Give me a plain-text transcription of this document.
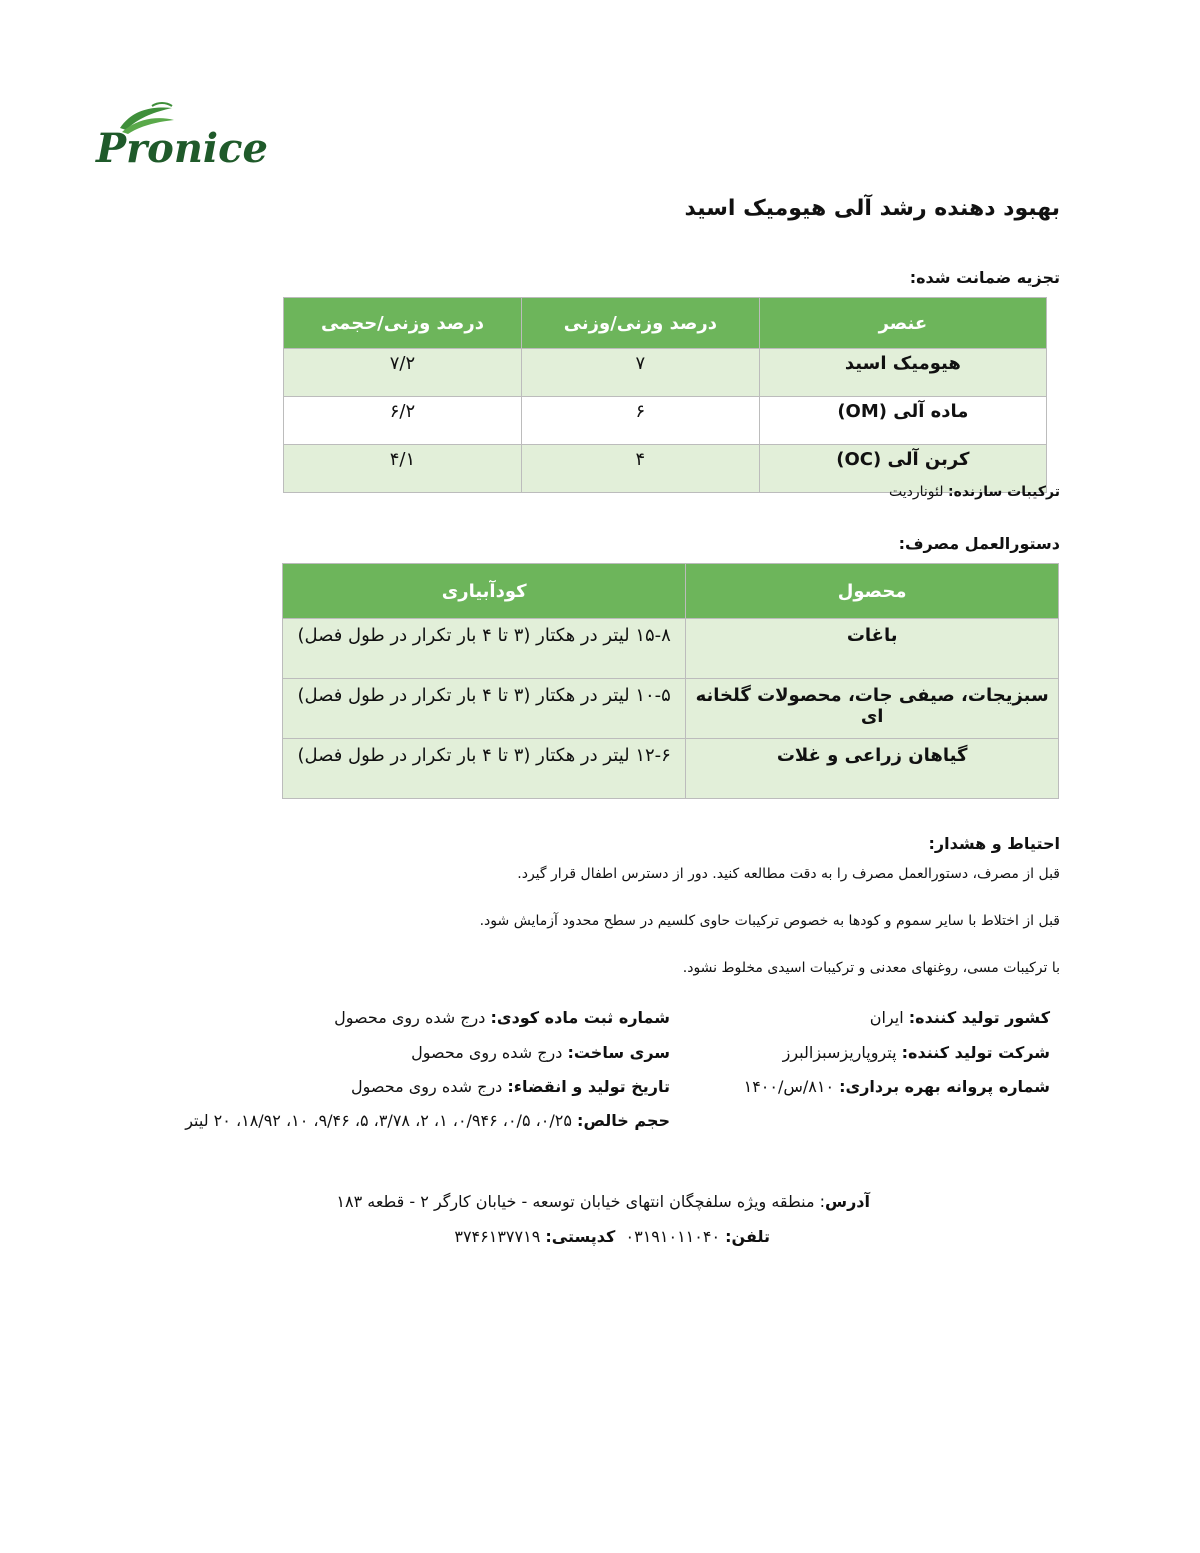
Pronice
بهبود دهنده رشد آلی هیومیک اسید
تجزیه ضمانت شده:
عنصر	درصد وزنی/وزنی	درصد وزنی/حجمی
هیومیک اسید	۷	۷/۲
ماده آلی (OM)	۶	۶/۲
کربن آلی (OC)	۴	۴/۱
ترکیبات سازنده: لئوناردیت
دستورالعمل مصرف:
محصول	کودآبیاری
باغات	۱۵-۸ لیتر در هکتار (۳ تا ۴ بار تکرار در طول فصل)
سبزیجات، صیفی جات، محصولات گلخانه ای	۱۰-۵ لیتر در هکتار (۳ تا ۴ بار تکرار در طول فصل)
گیاهان زراعی و غلات	۱۲-۶ لیتر در هکتار (۳ تا ۴ بار تکرار در طول فصل)
احتیاط و هشدار:
قبل از مصرف، دستورالعمل مصرف را به دقت مطالعه کنید. دور از دسترس اطفال قرار گیرد.
قبل از اختلاط با سایر سموم و کودها به خصوص ترکیبات حاوی کلسیم در سطح محدود آزمایش شود.
با ترکیبات مسی، روغنهای معدنی و ترکیبات اسیدی مخلوط نشود.
کشور تولید کننده: ایران
شرکت تولید کننده: پتروپاریزسبزالبرز
شماره پروانه بهره برداری: ۸۱۰/س/۱۴۰۰
شماره ثبت ماده کودی: درج شده روی محصول
سری ساخت: درج شده روی محصول
تاریخ تولید و انقضاء: درج شده روی محصول
حجم خالص: ۰/۲۵، ۰/۵، ۰/۹۴۶، ۱، ۲، ۳/۷۸، ۵، ۹/۴۶، ۱۰، ۱۸/۹۲، ۲۰ لیتر
آدرس: منطقه ویژه سلفچگان انتهای خیابان توسعه - خیابان کارگر ۲ - قطعه ۱۸۳
تلفن: ۰۳۱۹۱۰۱۱۰۴۰  کدپستی: ۳۷۴۶۱۳۷۷۱۹
